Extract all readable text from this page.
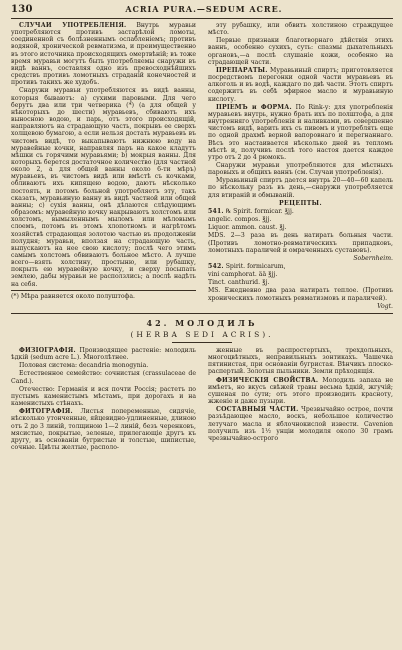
130	ACRIA PURA.—SEDUM ACRE.

СЛУЧАИ УПОТРЕБЛЕНІЯ. Внутрь муравьи употребляются противъ застарѣлой ломоты, соединенной съ болѣзненнымъ ослабленіемъ; противъ водяной, хронической ревматизма, и преимущественно въ этого источника происходящихъ омертвѣній; въ тоже время муравьи могутъ быть употребляемы снаружи въ видѣ ваннъ, составляя одно изъ превосходнѣйшихъ средствъ противъ ломотныхъ страданій конечностей и противъ такихъ же худобъ.

Снаружи муравьи употребляются въ видѣ ванны, которыя бываютъ: а) сухими паровыми. Для чего берутъ два или три четверика (*) (а для общей у нѣкоторыхъ до шести) муравьевъ, сбиваютъ ихъ выносною водою, и парь, отъ этого происходящій, направляютъ на страдающую часть, покрывъ ее сверхъ холщевою бумагою, а если нельзя достать муравьевъ въ чистомъ видѣ, то выкапываютъ нижнюю воду на муравейные кочки, направляя паръ на какое кладутъ мѣшки съ горячими муравьями; b) мокрыя ванны. Для которыхъ берется достаточное количество (для частной около 2, а для общей ванны около 6-ти мѣръ) муравьевъ, въ чистомъ видѣ или вмѣстѣ съ кочками, обливаютъ ихъ кипящею водою, даютъ нѣсколько постоять, и потомъ больной употребляетъ эту, такъ сказать, муравьиную ванну въ видѣ частной или общей ванны; c) сухія ванны, онѣ дѣлаются слѣдующимъ образомъ: муравейную кочку накрываютъ холстомъ или холстомъ, вымыленнымъ мыломъ или мѣловымъ слоемъ, потомъ въ этомъ хлопотномъ и нагрѣтомъ хозяйствѣ страдающая золотою частью въ продолженіи полудня; муравьи, вползая на страдающую часть, выпускаютъ на нее свою кислоту; послѣ чего этимъ самымъ холстомъ обвиваютъ больное мѣсто. А лучше всего—взять холстину, простыню, или рубашку, покрыть ею муравейную кочку, и сверху посыпать землею, дабы муравьи не расползлись; а послѣ надѣть на себя.

(*) Мѣра равняется около полуштофа.

эту рубашку, или обвить холстиною страждущее мѣсто.

Первые признаки благотворнаго дѣйствія этихъ ваннъ, особенно сухихъ, суть: спазмы дыхательныхъ органовъ,—а послѣ слушаніе кожи, особенно на страдающей части.

ПРЕПАРАТЫ. Муравьиный спиртъ; приготовляется посредствомъ перегонки одной части муравьевъ въ алкоголь и въ водѣ, каждаго по двѣ части. Этотъ спиртъ содержитъ въ себѣ эфирное масло и муравьиную кислоту.

ПРІЕМЪ и ФОРМА. По Rink-у: для употребленія муравьевъ внутрь, нужно брать ихъ по полштофа, а для внутренняго употребленія и наливками, въ совершенно чистомъ видѣ, варить ихъ съ пивомъ и употреблять еще по одной драхмѣ верной вапоровнаго и перегнаннаго. Вѣсъ это настаивается нѣсколько дней въ тепломъ мѣстѣ и, получивъ послѣ того настоя дается каждое утро отъ 2 до 4 рюмокъ.

Снаружи муравьи употребляются для мѣстныхъ паровыхъ и общихъ ваннъ (см. Случаи употребленія).

Муравьиный спиртъ дается внутрь 20—40—60 капель по нѣскольку разъ въ день,—снаружи употребляется для втираній и обмываній.

РЕЦЕПТЫ.

541. ℞ Spirit. formicar. ℥jj.

angelic. compos. ℥jj.

Liquor. ammon. caust. ℥j.

MDS. 2—3 раза въ день натирать больныя части. (Противъ ломотно-ревматическихъ припадковъ, ломотныхъ параличей и омраченныхъ суставовъ).

Sobernheim.

542. Spirit. formicarum,

vini camphorat. ää ℥jj.

Tinct. canthurid. ℥j.

MS. Ежедневно два раза натирать теплое. (Противъ хроническихъ ломотныхъ ревматизмовъ и параличей).

Vogt.

42. МОЛОДИЛЬ
(HERBA SEDI ACRIS).

ФИЗІОГРАФІЯ. Производящее растеніе: молодиль ѣдкій (sedum acre L.). Многолѣтнее.

Половая система: decandria monogynia.

Естественное семейство: сочнистыя (crassulaceae de Cand.).

Отечество: Германія и вся почти Россія; растетъ по пустымъ каменистымъ мѣстамъ, при дорогахъ и на каменистыхъ стѣнахъ.

ФИТОГРАФІЯ. Листья попеременные, сидячіе, нѣсколько утонченные, яйцевидно-удлиненные, длиною отъ 2 до 3 линій, толщиною 1—2 линій, безъ черенковъ, мясистые, покрытые, зеленые, прилегающіе другъ къ другу, въ основаніи бугристые и толстые, шипистые, сочные. Цвѣты желтые, располо-

женные въ распростертыхъ, трехдольныхъ, многоцвѣтныхъ, неправильныхъ зонтикахъ. Чашечка пятинистая, при основаніи бугристая. Вѣнчикъ плоско-распертый. Золотыя пыльники. Земли прѣходящія.

ФИЗИЧЕСКІЯ СВОЙСТВА. Молодиль запаха не имѣетъ, но вкусъ свѣжей травы весьма ѣдкій, жгучій; сушеная по сути; отъ этого производить красноту, жженіе и даже пузыри.

СОСТАВНЫЯ ЧАСТИ. Чрезвычайно острое, почти разъѣдающее масло, воскъ, небольшое количество летучаго масла и яблочнокислой извести. Cavenion получилъ изъ 1½ унціи молодиля около 30 грамъ чрезвычайно-острого
